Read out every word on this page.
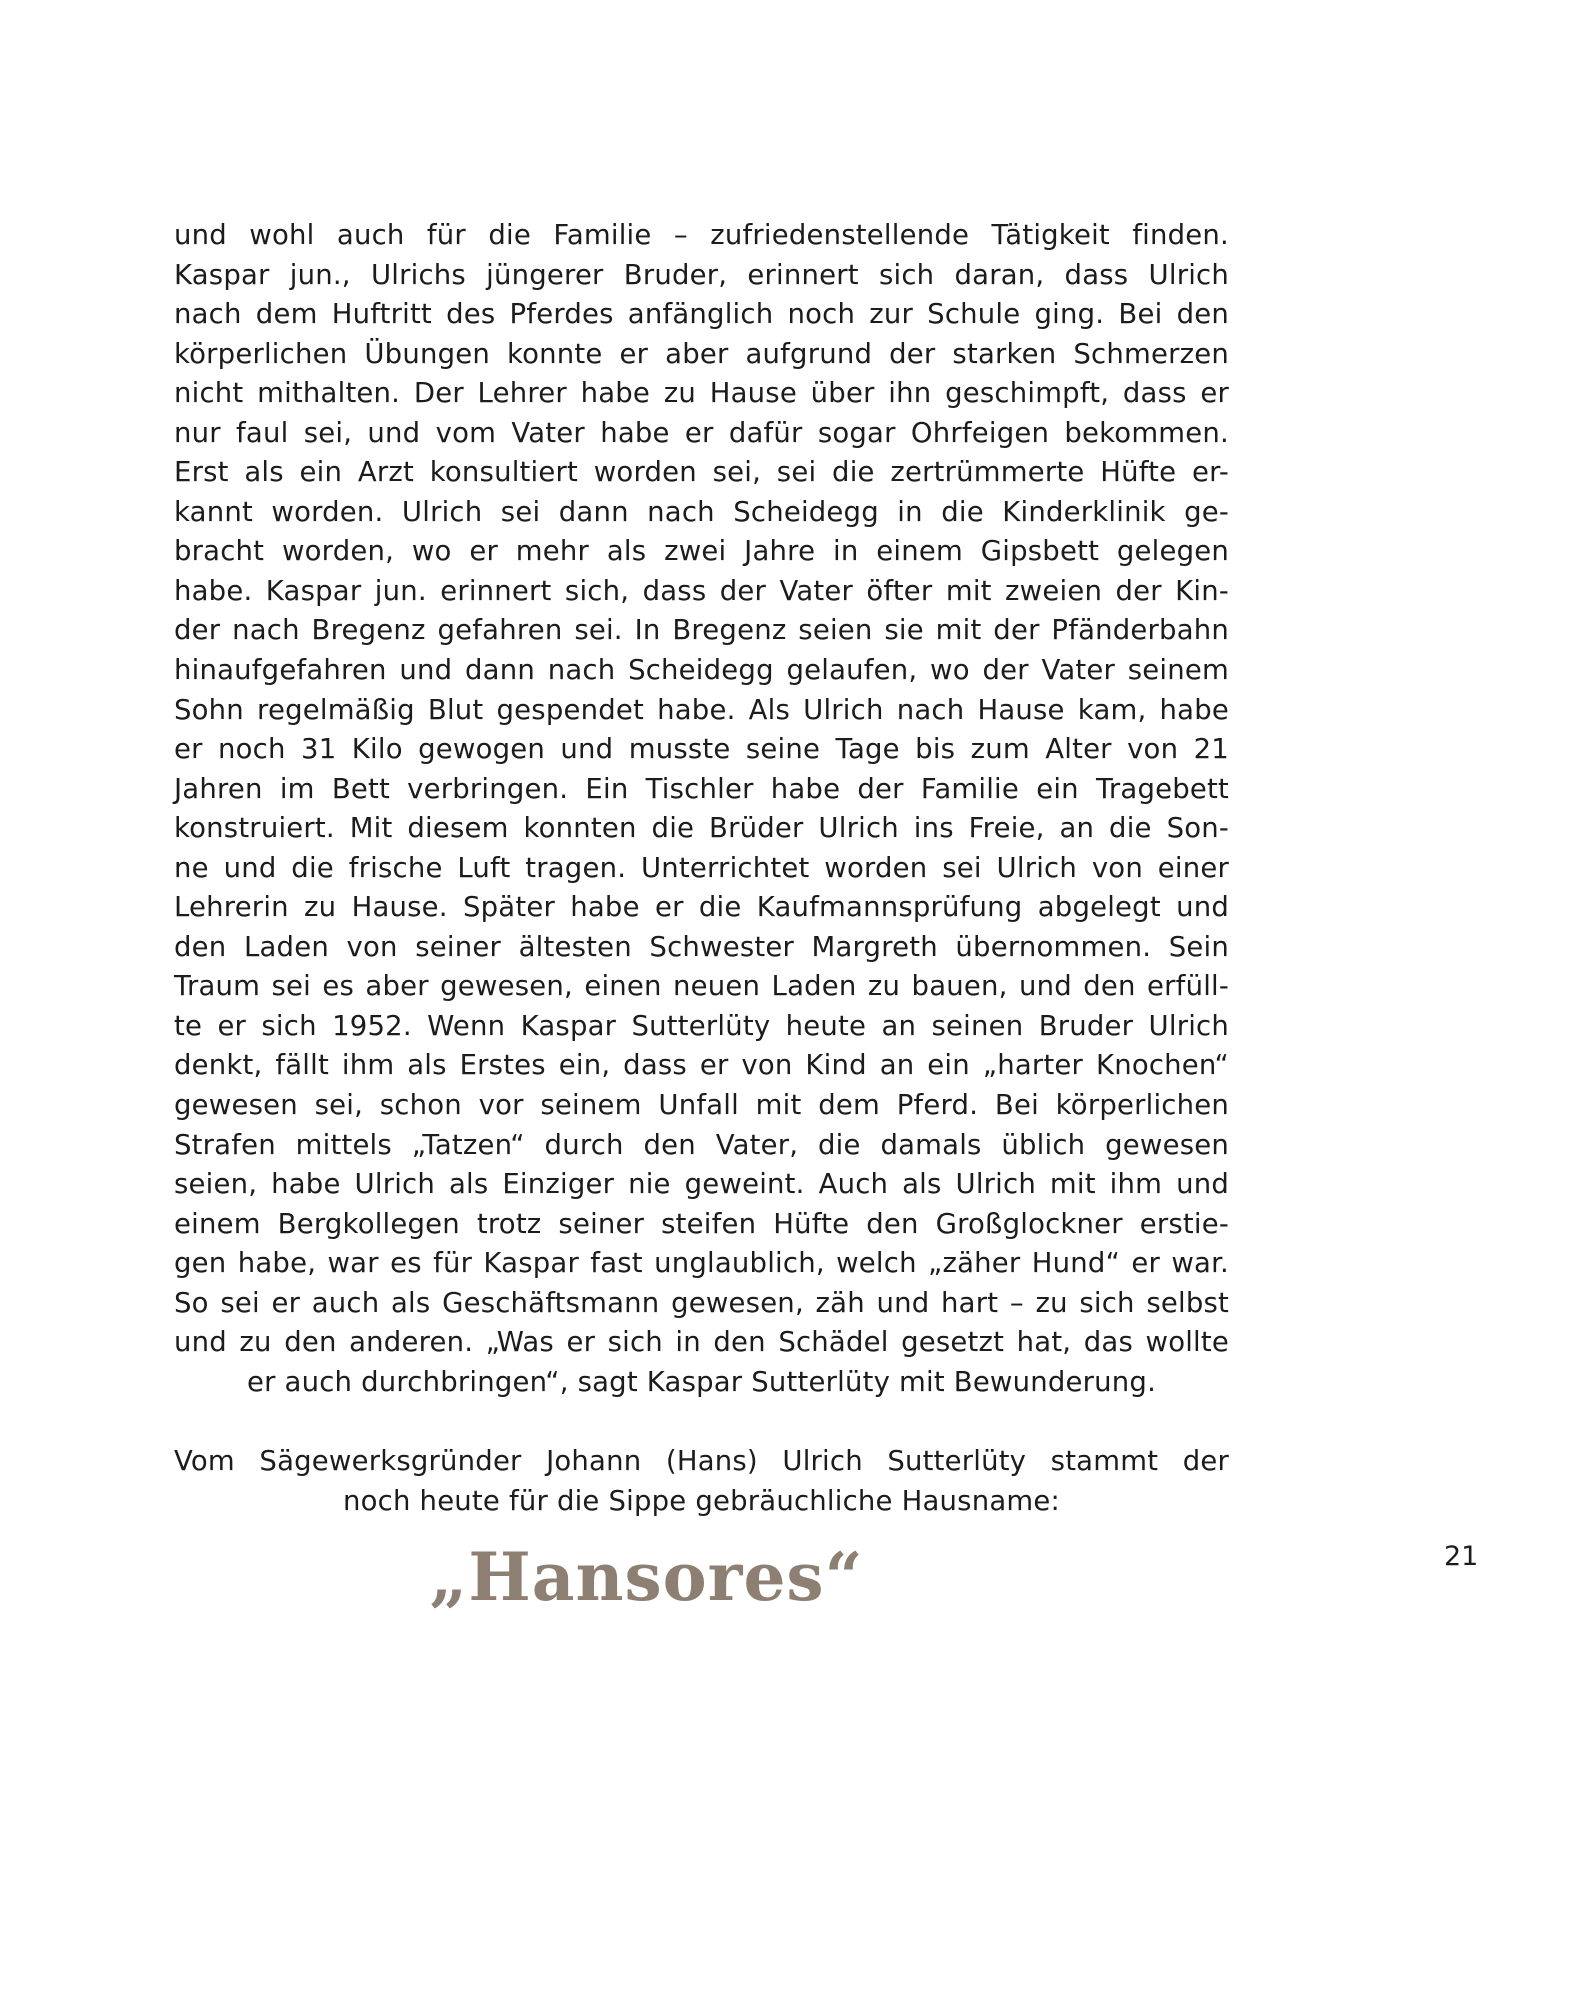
und wohl auch für die Familie – zufriedenstellende Tätigkeit finden.
Kaspar jun., Ulrichs jüngerer Bruder, erinnert sich daran, dass Ulrich
nach dem Huftritt des Pferdes anfänglich noch zur Schule ging. Bei den
körperlichen Übungen konnte er aber aufgrund der starken Schmerzen
nicht mithalten. Der Lehrer habe zu Hause über ihn geschimpft, dass er
nur faul sei, und vom Vater habe er dafür sogar Ohrfeigen bekommen.
Erst als ein Arzt konsultiert worden sei, sei die zertrümmerte Hüfte er-
kannt worden. Ulrich sei dann nach Scheidegg in die Kinderklinik ge-
bracht worden, wo er mehr als zwei Jahre in einem Gipsbett gelegen
habe. Kaspar jun. erinnert sich, dass der Vater öfter mit zweien der Kin-
der nach Bregenz gefahren sei. In Bregenz seien sie mit der Pfänderbahn
hinaufgefahren und dann nach Scheidegg gelaufen, wo der Vater seinem
Sohn regelmäßig Blut gespendet habe. Als Ulrich nach Hause kam, habe
er noch 31 Kilo gewogen und musste seine Tage bis zum Alter von 21
Jahren im Bett verbringen. Ein Tischler habe der Familie ein Tragebett
konstruiert. Mit diesem konnten die Brüder Ulrich ins Freie, an die Son-
ne und die frische Luft tragen. Unterrichtet worden sei Ulrich von einer
Lehrerin zu Hause. Später habe er die Kaufmannsprüfung abgelegt und
den Laden von seiner ältesten Schwester Margreth übernommen. Sein
Traum sei es aber gewesen, einen neuen Laden zu bauen, und den erfüll-
te er sich 1952. Wenn Kaspar Sutterlüty heute an seinen Bruder Ulrich
denkt, fällt ihm als Erstes ein, dass er von Kind an ein „harter Knochen“
gewesen sei, schon vor seinem Unfall mit dem Pferd. Bei körperlichen
Strafen mittels „Tatzen“ durch den Vater, die damals üblich gewesen
seien, habe Ulrich als Einziger nie geweint. Auch als Ulrich mit ihm und
einem Bergkollegen trotz seiner steifen Hüfte den Großglockner erstie-
gen habe, war es für Kaspar fast unglaublich, welch „zäher Hund“ er war.
So sei er auch als Geschäftsmann gewesen, zäh und hart – zu sich selbst
und zu den anderen. „Was er sich in den Schädel gesetzt hat, das wollte
er auch durchbringen“, sagt Kaspar Sutterlüty mit Bewunderung.
Vom Sägewerksgründer Johann (Hans) Ulrich Sutterlüty stammt der
noch heute für die Sippe gebräuchliche Hausname:
„Hansores“	21
